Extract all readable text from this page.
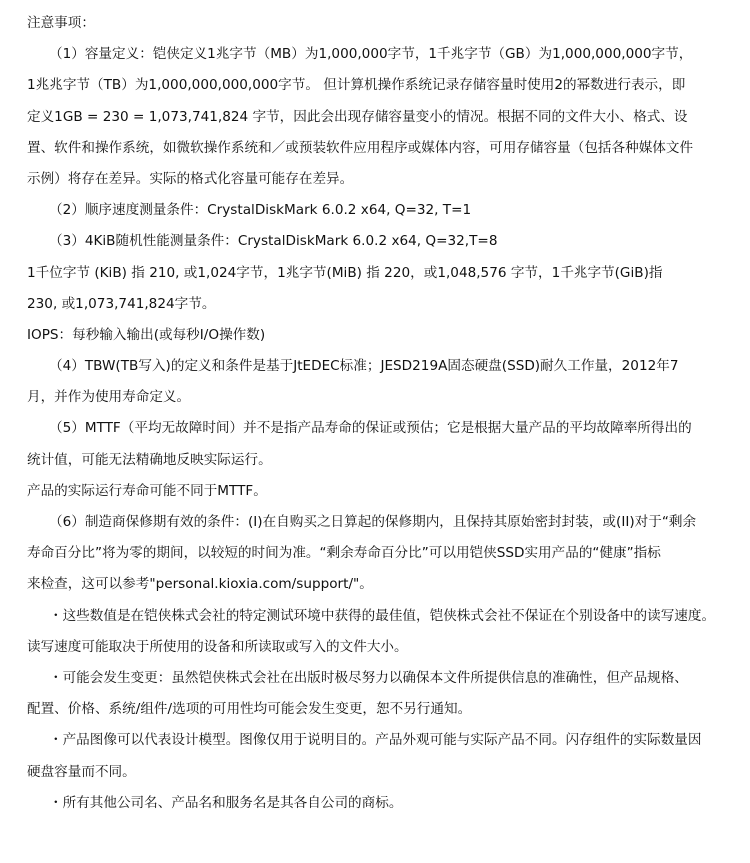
注意事项：
（1）容量定义：铠侠定义1兆字节（MB）为1,000,000字节，1千兆字节（GB）为1,000,000,000字节，
1兆兆字节（TB）为1,000,000,000,000字节。 但计算机操作系统记录存储容量时使用2的幂数进行表示，即
定义1GB = 230 = 1,073,741,824 字节，因此会出现存储容量变小的情况。根据不同的文件大小、格式、设
置、软件和操作系统，如微软操作系统和／或预装软件应用程序或媒体内容，可用存储容量（包括各种媒体文件
示例）将存在差异。实际的格式化容量可能存在差异。
（2）顺序速度测量条件：CrystalDiskMark 6.0.2 x64, Q=32, T=1
（3）4KiB随机性能测量条件：CrystalDiskMark 6.0.2 x64, Q=32,T=8
1千位字节 (KiB) 指 210, 或1,024字节，1兆字节(MiB) 指 220，或1,048,576 字节，1千兆字节(GiB)指
230, 或1,073,741,824字节。
IOPS：每秒输入输出(或每秒I/O操作数)
（4）TBW(TB写入)的定义和条件是基于JtEDEC标准；JESD219A固态硬盘(SSD)耐久工作量，2012年7
月，并作为使用寿命定义。
（5）MTTF（平均无故障时间）并不是指产品寿命的保证或预估；它是根据大量产品的平均故障率所得出的
统计值，可能无法精确地反映实际运行。
产品的实际运行寿命可能不同于MTTF。
（6）制造商保修期有效的条件：(I)在自购买之日算起的保修期内，且保持其原始密封封装，或(II)对于“剩余
寿命百分比”将为零的期间，以较短的时间为准。“剩余寿命百分比”可以用铠侠SSD实用产品的“健康”指标
来检查，这可以参考"personal.kioxia.com/support/"。
・这些数值是在铠侠株式会社的特定测试环境中获得的最佳值，铠侠株式会社不保证在个别设备中的读写速度。
读写速度可能取决于所使用的设备和所读取或写入的文件大小。
・可能会发生变更：虽然铠侠株式会社在出版时极尽努力以确保本文件所提供信息的准确性，但产品规格、
配置、价格、系统/组件/选项的可用性均可能会发生变更，恕不另行通知。
・产品图像可以代表设计模型。图像仅用于说明目的。产品外观可能与实际产品不同。闪存组件的实际数量因
硬盘容量而不同。
・所有其他公司名、产品名和服务名是其各自公司的商标。
